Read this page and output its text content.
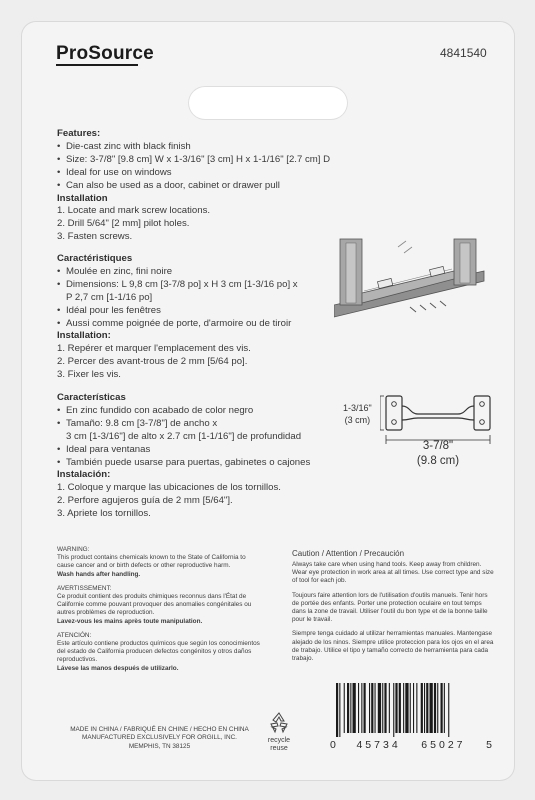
ProSource	4841540
Features:
• Die-cast zinc with black finish
• Size: 3-7/8" [9.8 cm] W x 1-3/16" [3 cm] H x 1-1/16" [2.7 cm] D
• Ideal for use on windows
• Can also be used as a door, cabinet or drawer pull
Installation
1. Locate and mark screw locations.
2. Drill 5/64" [2 mm] pilot holes.
3. Fasten screws.
Caractéristiques
• Moulée en zinc, fini noire
• Dimensions: L 9,8 cm [3-7/8 po] x H 3 cm [1-3/16 po] x
P 2,7 cm [1-1/16 po]
• Idéal pour les fenêtres
• Aussi comme poignée de porte, d'armoire ou de tiroir
Installation:
1. Repérer et marquer l'emplacement des vis.
2. Percer des avant-trous de 2 mm [5/64 po].
3. Fixer les vis.
Características
• En zinc fundido con acabado de color negro
• Tamaño: 9.8 cm [3-7/8"] de ancho x
3 cm [1-3/16"] de alto x 2.7 cm [1-1/16"] de profundidad
• Ideal para ventanas
• También puede usarse para puertas, gabinetes o cajones
Instalación:
1. Coloque y marque las ubicaciones de los tornillos.
2. Perfore agujeros guía de 2 mm [5/64"].
3. Apriete los tornillos.
1-3/16"
(3 cm)
3-7/8"
(9.8 cm)
WARNING:
This product contains chemicals known to the State of California to cause cancer and or birth defects or other reproductive harm.
Wash hands after handling.
AVERTISSEMENT:
Ce produit contient des produits chimiques reconnus dans l'État de Californie comme pouvant provoquer des anomalies congénitales ou autres problèmes de reproduction.
Lavez-vous les mains après toute manipulation.
ATENCIÓN:
Este artículo contiene productos químicos que según los conocimientos del estado de California producen defectos congénitos y otros daños reproductivos.
Lávese las manos después de utilizarlo.
Caution / Attention / Precaución
Always take care when using hand tools. Keep away from children. Wear eye protection in work area at all times. Use correct type and size of tool for each job.
Toujours faire attention lors de l'utilisation d'outils manuels. Tenir hors de portée des enfants. Porter une protection oculaire en tout temps dans la zone de travail. Utiliser l'outil du bon type et de la bonne taille pour le travail.
Siempre tenga cuidado al utilizar herramientas manuales. Mantengase alejado de los ninos. Siempre utilice proteccion para los ojos en el area de trabajo. Utilice el tipo y tamaño correcto de herramienta para cada trabajo.
MADE IN CHINA / FABRIQUÉ EN CHINE / HECHO EN CHINA
MANUFACTURED EXCLUSIVELY FOR ORGILL, INC.
MEMPHIS, TN 38125
recycle
reuse	0 45734 65027 5
